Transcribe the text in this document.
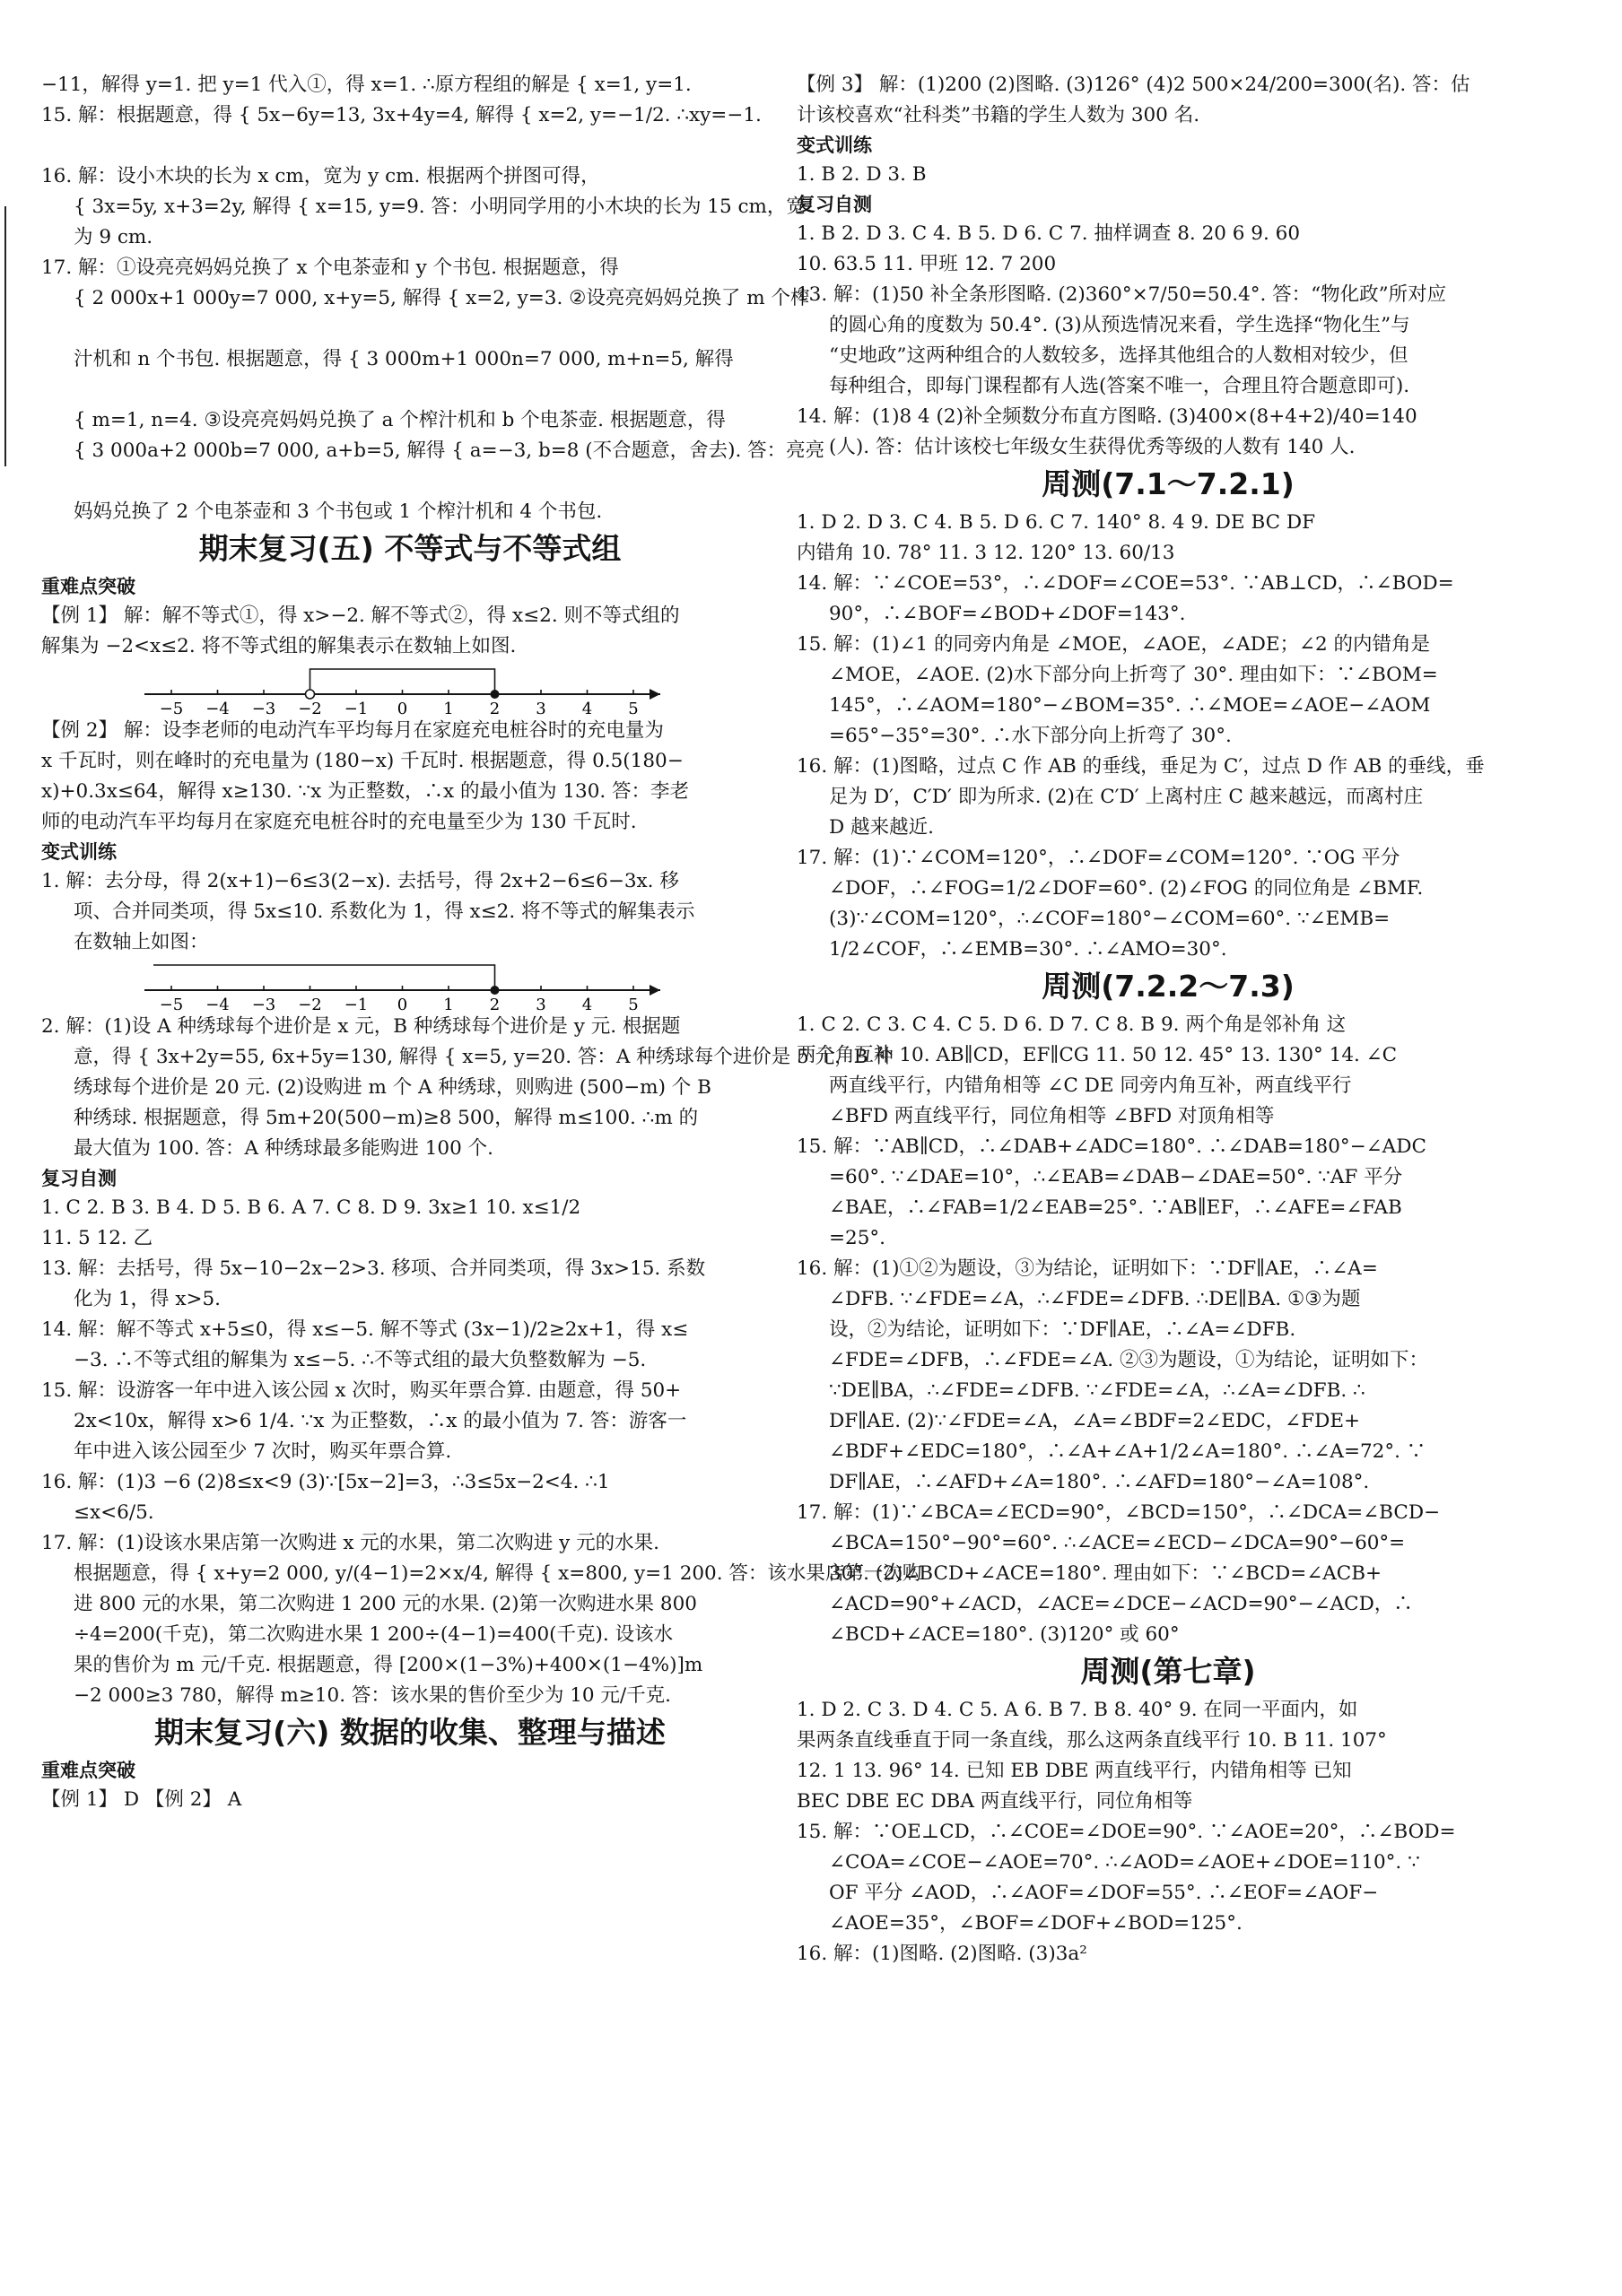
−11，解得 y=1. 把 y=1 代入①，得 x=1. ∴原方程组的解是 { x=1, y=1.
15. 解：根据题意，得 { 5x−6y=13, 3x+4y=4, 解得 { x=2, y=−1/2. ∴xy=−1.
16. 解：设小木块的长为 x cm，宽为 y cm. 根据两个拼图可得，
{ 3x=5y, x+3=2y, 解得 { x=15, y=9. 答：小明同学用的小木块的长为 15 cm，宽
为 9 cm.
17. 解：①设亮亮妈妈兑换了 x 个电茶壶和 y 个书包. 根据题意，得
{ 2 000x+1 000y=7 000, x+y=5, 解得 { x=2, y=3. ②设亮亮妈妈兑换了 m 个榨
汁机和 n 个书包. 根据题意，得 { 3 000m+1 000n=7 000, m+n=5, 解得
{ m=1, n=4. ③设亮亮妈妈兑换了 a 个榨汁机和 b 个电茶壶. 根据题意，得
{ 3 000a+2 000b=7 000, a+b=5, 解得 { a=−3, b=8 (不合题意，舍去). 答：亮亮
妈妈兑换了 2 个电茶壶和 3 个书包或 1 个榨汁机和 4 个书包.
期末复习(五) 不等式与不等式组
重难点突破
【例 1】 解：解不等式①，得 x>−2. 解不等式②，得 x≤2. 则不等式组的
解集为 −2<x≤2. 将不等式组的解集表示在数轴上如图.
−5 −4 −3 −2 −1 0 1 2 3 4 5
【例 2】 解：设李老师的电动汽车平均每月在家庭充电桩谷时的充电量为
x 千瓦时，则在峰时的充电量为 (180−x) 千瓦时. 根据题意，得 0.5(180−
x)+0.3x≤64，解得 x≥130. ∵x 为正整数，∴x 的最小值为 130. 答：李老
师的电动汽车平均每月在家庭充电桩谷时的充电量至少为 130 千瓦时.
变式训练
1. 解：去分母，得 2(x+1)−6≤3(2−x). 去括号，得 2x+2−6≤6−3x. 移
项、合并同类项，得 5x≤10. 系数化为 1，得 x≤2. 将不等式的解集表示
在数轴上如图：
−5 −4 −3 −2 −1 0 1 2 3 4 5
2. 解：(1)设 A 种绣球每个进价是 x 元，B 种绣球每个进价是 y 元. 根据题
意，得 { 3x+2y=55, 6x+5y=130, 解得 { x=5, y=20. 答：A 种绣球每个进价是 5 元，B 种
绣球每个进价是 20 元. (2)设购进 m 个 A 种绣球，则购进 (500−m) 个 B
种绣球. 根据题意，得 5m+20(500−m)≥8 500，解得 m≤100. ∴m 的
最大值为 100. 答：A 种绣球最多能购进 100 个.
复习自测
1. C 2. B 3. B 4. D 5. B 6. A 7. C 8. D 9. 3x≥1 10. x≤1/2
11. 5 12. 乙
13. 解：去括号，得 5x−10−2x−2>3. 移项、合并同类项，得 3x>15. 系数
化为 1，得 x>5.
14. 解：解不等式 x+5≤0，得 x≤−5. 解不等式 (3x−1)/2≥2x+1，得 x≤
−3. ∴不等式组的解集为 x≤−5. ∴不等式组的最大负整数解为 −5.
15. 解：设游客一年中进入该公园 x 次时，购买年票合算. 由题意，得 50+
2x<10x，解得 x>6 1/4. ∵x 为正整数，∴x 的最小值为 7. 答：游客一
年中进入该公园至少 7 次时，购买年票合算.
16. 解：(1)3 −6 (2)8≤x<9 (3)∵[5x−2]=3，∴3≤5x−2<4. ∴1
≤x<6/5.
17. 解：(1)设该水果店第一次购进 x 元的水果，第二次购进 y 元的水果.
根据题意，得 { x+y=2 000, y/(4−1)=2×x/4, 解得 { x=800, y=1 200. 答：该水果店第一次购
进 800 元的水果，第二次购进 1 200 元的水果. (2)第一次购进水果 800
÷4=200(千克)，第二次购进水果 1 200÷(4−1)=400(千克). 设该水
果的售价为 m 元/千克. 根据题意，得 [200×(1−3%)+400×(1−4%)]m
−2 000≥3 780，解得 m≥10. 答：该水果的售价至少为 10 元/千克.
期末复习(六) 数据的收集、整理与描述
重难点突破
【例 1】 D 【例 2】 A
【例 3】 解：(1)200 (2)图略. (3)126° (4)2 500×24/200=300(名). 答：估
计该校喜欢“社科类”书籍的学生人数为 300 名.
变式训练
1. B 2. D 3. B
复习自测
1. B 2. D 3. C 4. B 5. D 6. C 7. 抽样调查 8. 20 6 9. 60
10. 63.5 11. 甲班 12. 7 200
13. 解：(1)50 补全条形图略. (2)360°×7/50=50.4°. 答：“物化政”所对应
的圆心角的度数为 50.4°. (3)从预选情况来看，学生选择“物化生”与
“史地政”这两种组合的人数较多，选择其他组合的人数相对较少，但
每种组合，即每门课程都有人选(答案不唯一，合理且符合题意即可).
14. 解：(1)8 4 (2)补全频数分布直方图略. (3)400×(8+4+2)/40=140
(人). 答：估计该校七年级女生获得优秀等级的人数有 140 人.
周测(7.1～7.2.1)
1. D 2. D 3. C 4. B 5. D 6. C 7. 140° 8. 4 9. DE BC DF
内错角 10. 78° 11. 3 12. 120° 13. 60/13
14. 解：∵∠COE=53°，∴∠DOF=∠COE=53°. ∵AB⊥CD，∴∠BOD=
90°，∴∠BOF=∠BOD+∠DOF=143°.
15. 解：(1)∠1 的同旁内角是 ∠MOE，∠AOE，∠ADE；∠2 的内错角是
∠MOE，∠AOE. (2)水下部分向上折弯了 30°. 理由如下：∵∠BOM=
145°，∴∠AOM=180°−∠BOM=35°. ∴∠MOE=∠AOE−∠AOM
=65°−35°=30°. ∴水下部分向上折弯了 30°.
16. 解：(1)图略，过点 C 作 AB 的垂线，垂足为 C′，过点 D 作 AB 的垂线，垂
足为 D′，C′D′ 即为所求. (2)在 C′D′ 上离村庄 C 越来越远，而离村庄
D 越来越近.
17. 解：(1)∵∠COM=120°，∴∠DOF=∠COM=120°. ∵OG 平分
∠DOF，∴∠FOG=1/2∠DOF=60°. (2)∠FOG 的同位角是 ∠BMF.
(3)∵∠COM=120°，∴∠COF=180°−∠COM=60°. ∵∠EMB=
1/2∠COF，∴∠EMB=30°. ∴∠AMO=30°.
周测(7.2.2～7.3)
1. C 2. C 3. C 4. C 5. D 6. D 7. C 8. B 9. 两个角是邻补角 这
两个角互补 10. AB∥CD，EF∥CG 11. 50 12. 45° 13. 130° 14. ∠C
两直线平行，内错角相等 ∠C DE 同旁内角互补，两直线平行
∠BFD 两直线平行，同位角相等 ∠BFD 对顶角相等
15. 解：∵AB∥CD，∴∠DAB+∠ADC=180°. ∴∠DAB=180°−∠ADC
=60°. ∵∠DAE=10°，∴∠EAB=∠DAB−∠DAE=50°. ∵AF 平分
∠BAE，∴∠FAB=1/2∠EAB=25°. ∵AB∥EF，∴∠AFE=∠FAB
=25°.
16. 解：(1)①②为题设，③为结论，证明如下：∵DF∥AE，∴∠A=
∠DFB. ∵∠FDE=∠A，∴∠FDE=∠DFB. ∴DE∥BA. ①③为题
设，②为结论，证明如下：∵DF∥AE，∴∠A=∠DFB.
∠FDE=∠DFB，∴∠FDE=∠A. ②③为题设，①为结论，证明如下：
∵DE∥BA，∴∠FDE=∠DFB. ∵∠FDE=∠A，∴∠A=∠DFB. ∴
DF∥AE. (2)∵∠FDE=∠A，∠A=∠BDF=2∠EDC，∠FDE+
∠BDF+∠EDC=180°，∴∠A+∠A+1/2∠A=180°. ∴∠A=72°. ∵
DF∥AE，∴∠AFD+∠A=180°. ∴∠AFD=180°−∠A=108°.
17. 解：(1)∵∠BCA=∠ECD=90°，∠BCD=150°，∴∠DCA=∠BCD−
∠BCA=150°−90°=60°. ∴∠ACE=∠ECD−∠DCA=90°−60°=
30°. (2)∠BCD+∠ACE=180°. 理由如下：∵∠BCD=∠ACB+
∠ACD=90°+∠ACD，∠ACE=∠DCE−∠ACD=90°−∠ACD，∴
∠BCD+∠ACE=180°. (3)120° 或 60°
周测(第七章)
1. D 2. C 3. D 4. C 5. A 6. B 7. B 8. 40° 9. 在同一平面内，如
果两条直线垂直于同一条直线，那么这两条直线平行 10. B 11. 107°
12. 1 13. 96° 14. 已知 EB DBE 两直线平行，内错角相等 已知
BEC DBE EC DBA 两直线平行，同位角相等
15. 解：∵OE⊥CD，∴∠COE=∠DOE=90°. ∵∠AOE=20°，∴∠BOD=
∠COA=∠COE−∠AOE=70°. ∴∠AOD=∠AOE+∠DOE=110°. ∵
OF 平分 ∠AOD，∴∠AOF=∠DOF=55°. ∴∠EOF=∠AOF−
∠AOE=35°，∠BOF=∠DOF+∠BOD=125°.
16. 解：(1)图略. (2)图略. (3)3a²
